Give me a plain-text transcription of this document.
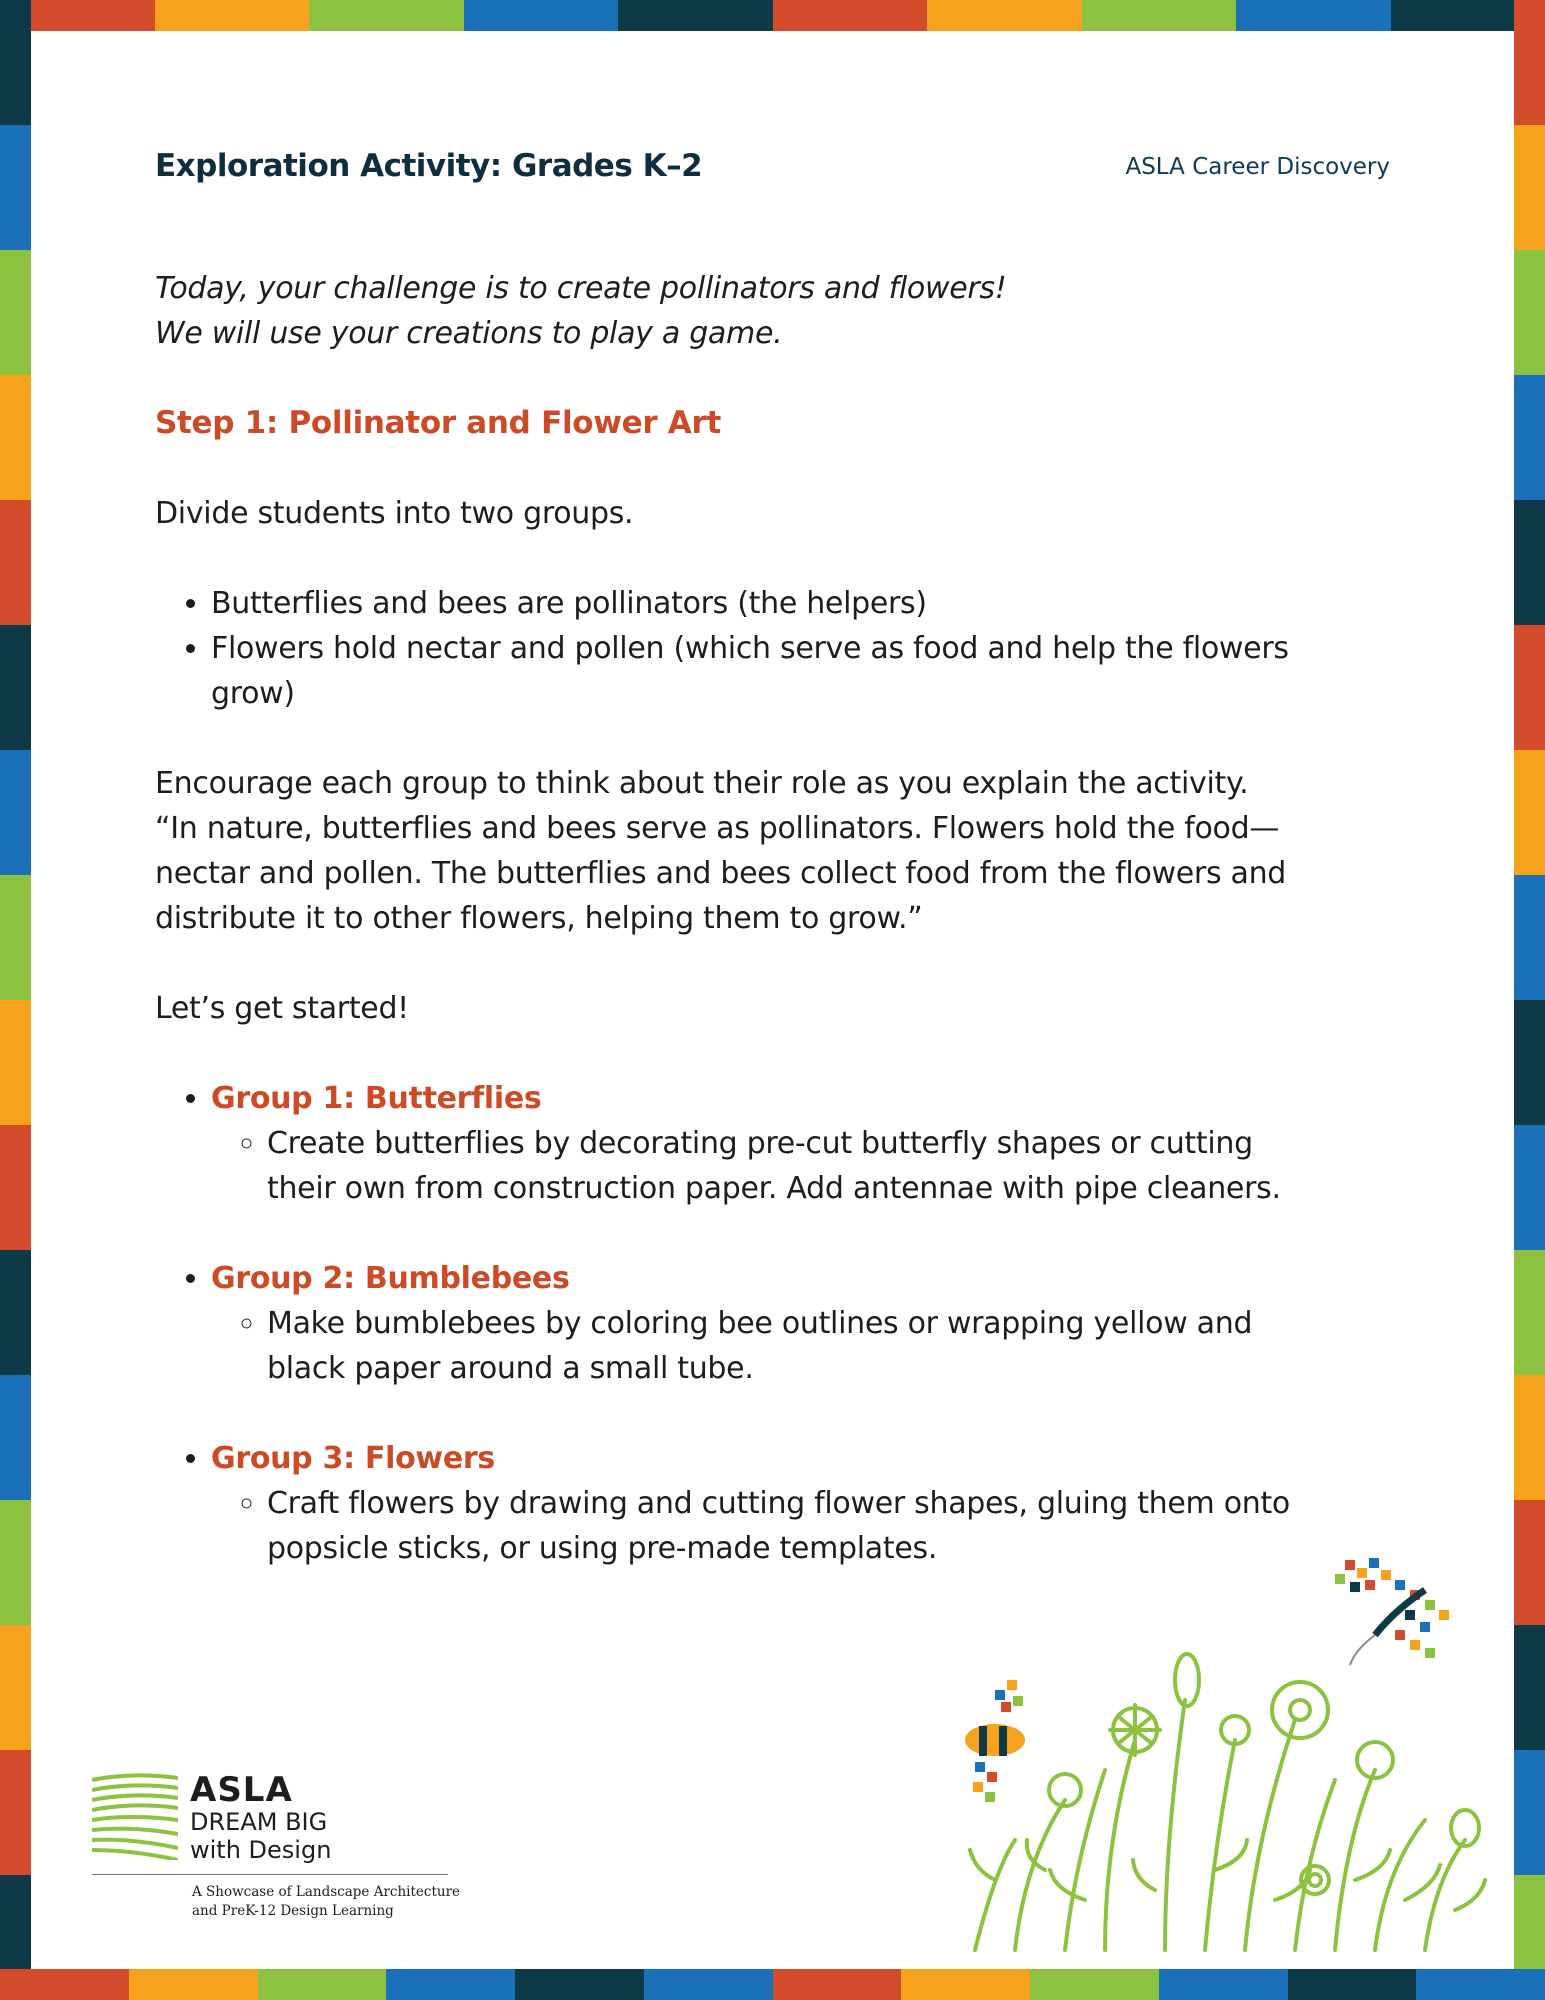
Exploration Activity: Grades K–2	ASLA Career Discovery
Today, your challenge is to create pollinators and flowers!
We will use your creations to play a game.
Step 1: Pollinator and Flower Art

Divide students into two groups.

• Butterflies and bees are pollinators (the helpers)
• Flowers hold nectar and pollen (which serve as food and help the flowers grow)

Encourage each group to think about their role as you explain the activity.
“In nature, butterflies and bees serve as pollinators. Flowers hold the food—nectar and pollen. The butterflies and bees collect food from the flowers and distribute it to other flowers, helping them to grow.”

Let’s get started!

• Group 1: Butterflies
◦ Create butterflies by decorating pre-cut butterfly shapes or cutting their own from construction paper. Add antennae with pipe cleaners.
• Group 2: Bumblebees
◦ Make bumblebees by coloring bee outlines or wrapping yellow and black paper around a small tube.
• Group 3: Flowers
◦ Craft flowers by drawing and cutting flower shapes, gluing them onto popsicle sticks, or using pre-made templates.
ASLA
DREAM BIG
with Design
A Showcase of Landscape Architecture
and PreK-12 Design Learning
